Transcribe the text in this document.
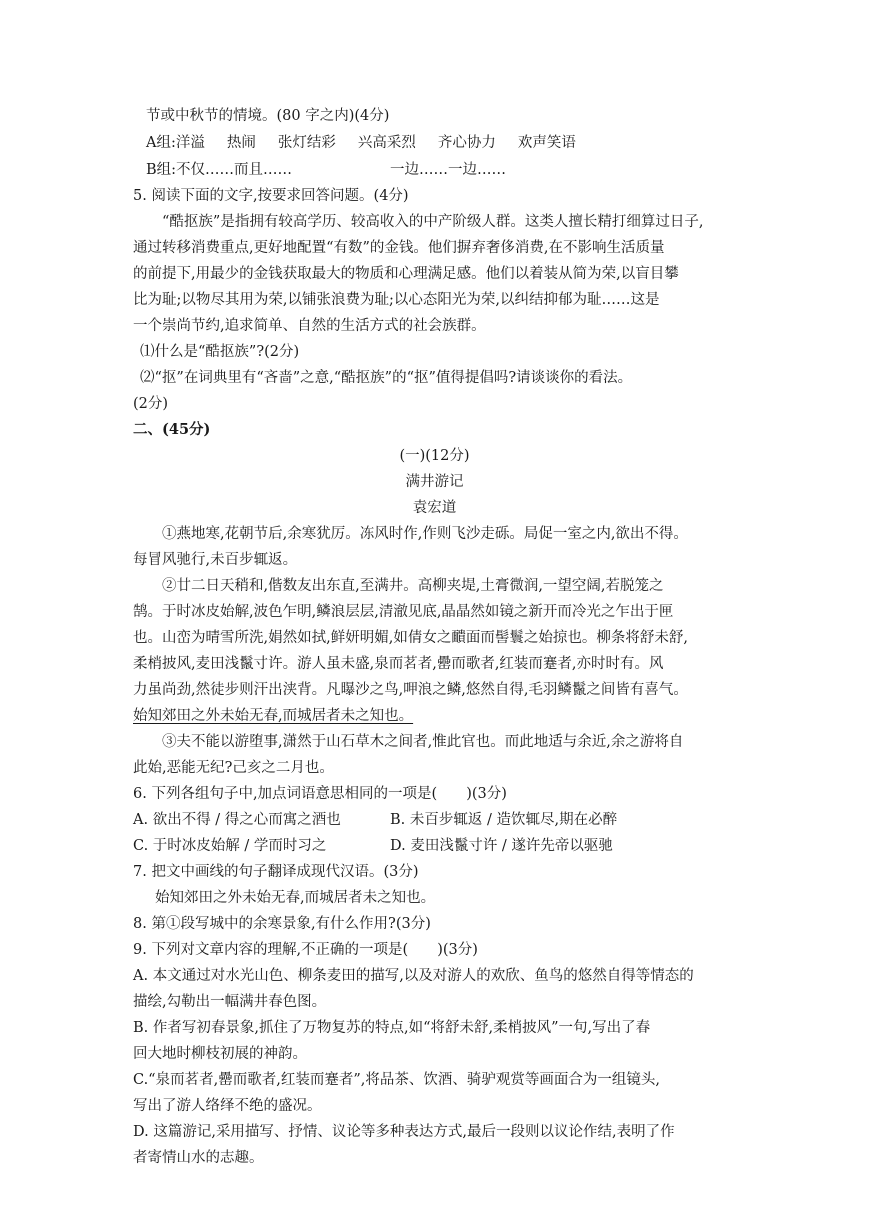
节或中秋节的情境。(80 字之内)(4分)
A组:洋溢 热闹 张灯结彩 兴高采烈 齐心协力 欢声笑语
B组:不仅……而且……	一边……一边……
5. 阅读下面的文字,按要求回答问题。(4分)
“酷抠族”是指拥有较高学历、较高收入的中产阶级人群。这类人擅长精打细算过日子,
通过转移消费重点,更好地配置“有数”的金钱。他们摒弃奢侈消费,在不影响生活质量
的前提下,用最少的金钱获取最大的物质和心理满足感。他们以着装从简为荣,以盲目攀
比为耻;以物尽其用为荣,以铺张浪费为耻;以心态阳光为荣,以纠结抑郁为耻……这是
一个崇尚节约,追求简单、自然的生活方式的社会族群。
⑴什么是“酷抠族”?(2分)
⑵“抠”在词典里有“吝啬”之意,“酷抠族”的“抠”值得提倡吗?请谈谈你的看法。
(2分)
二、(45分)
(一)(12分)
满井游记
袁宏道
①燕地寒,花朝节后,余寒犹厉。冻风时作,作则飞沙走砾。局促一室之内,欲出不得。
每冒风驰行,未百步辄返。
②廿二日天稍和,偕数友出东直,至满井。高柳夹堤,土膏微润,一望空阔,若脱笼之
鹄。于时冰皮始解,波色乍明,鳞浪层层,清澈见底,晶晶然如镜之新开而冷光之乍出于匣
也。山峦为晴雪所洗,娟然如拭,鲜妍明媚,如倩女之靧面而髻鬟之始掠也。柳条将舒未舒,
柔梢披风,麦田浅鬣寸许。游人虽未盛,泉而茗者,罍而歌者,红装而蹇者,亦时时有。风
力虽尚劲,然徒步则汗出浃背。凡曝沙之鸟,呷浪之鳞,悠然自得,毛羽鳞鬣之间皆有喜气。
始知郊田之外未始无春,而城居者未之知也。
③夫不能以游堕事,潇然于山石草木之间者,惟此官也。而此地适与余近,余之游将自
此始,恶能无纪?己亥之二月也。
6. 下列各组句子中,加点词语意思相同的一项是(　　)(3分)
A. 欲出不得 / 得之心而寓之酒也	B. 未百步辄返 / 造饮辄尽,期在必醉
C. 于时冰皮始解 / 学而时习之	D. 麦田浅鬣寸许 / 遂许先帝以驱驰
7. 把文中画线的句子翻译成现代汉语。(3分)
始知郊田之外未始无春,而城居者未之知也。
8. 第①段写城中的余寒景象,有什么作用?(3分)
9. 下列对文章内容的理解,不正确的一项是(　　)(3分)
A. 本文通过对水光山色、柳条麦田的描写,以及对游人的欢欣、鱼鸟的悠然自得等情态的
描绘,勾勒出一幅满井春色图。
B. 作者写初春景象,抓住了万物复苏的特点,如“将舒未舒,柔梢披风”一句,写出了春
回大地时柳枝初展的神韵。
C.“泉而茗者,罍而歌者,红装而蹇者”,将品茶、饮酒、骑驴观赏等画面合为一组镜头,
写出了游人络绎不绝的盛况。
D. 这篇游记,采用描写、抒情、议论等多种表达方式,最后一段则以议论作结,表明了作
者寄情山水的志趣。
